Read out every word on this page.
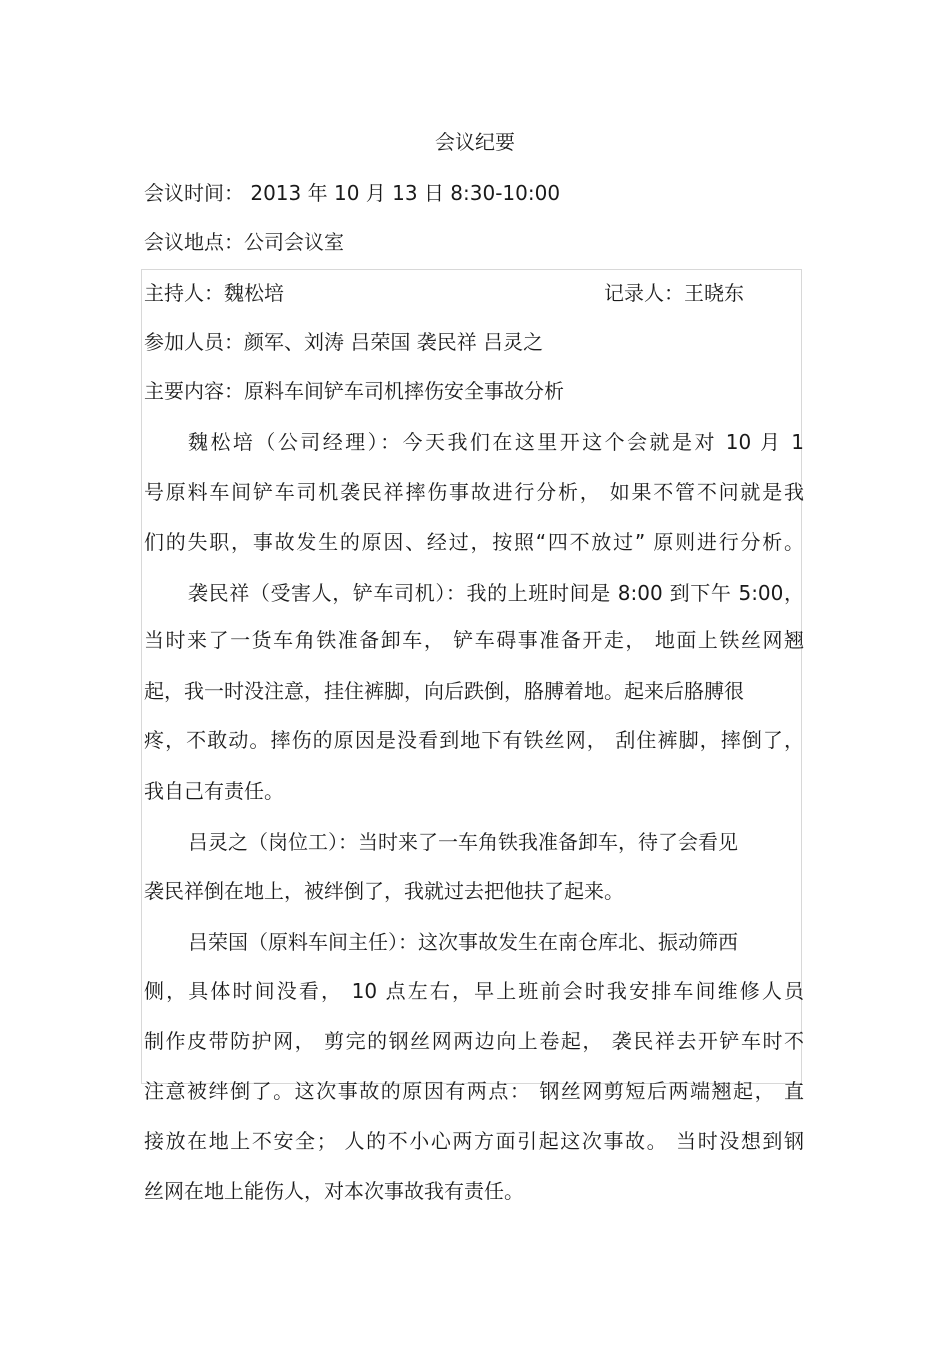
会议纪要
会议时间： 2013 年 10 月 13 日 8:30-10:00
会议地点：公司会议室
主持人：魏松培	记录人：王晓东
参加人员：颜军、刘涛 吕荣国 袭民祥 吕灵之
主要内容：原料车间铲车司机摔伤安全事故分析
魏松培（公司经理）：今天我们在这里开这个会就是对 10 月 1
号原料车间铲车司机袭民祥摔伤事故进行分析， 如果不管不问就是我
们的失职，事故发生的原因、经过，按照“四不放过” 原则进行分析。
袭民祥（受害人，铲车司机）：我的上班时间是 8:00 到下午 5:00，
当时来了一货车角铁准备卸车， 铲车碍事准备开走， 地面上铁丝网翘
起，我一时没注意，挂住裤脚，向后跌倒，胳膊着地。起来后胳膊很
疼，不敢动。摔伤的原因是没看到地下有铁丝网， 刮住裤脚，摔倒了，
我自己有责任。
吕灵之（岗位工）：当时来了一车角铁我准备卸车，待了会看见
袭民祥倒在地上，被绊倒了，我就过去把他扶了起来。
吕荣国（原料车间主任）：这次事故发生在南仓库北、振动筛西
侧，具体时间没看， 10 点左右，早上班前会时我安排车间维修人员
制作皮带防护网， 剪完的钢丝网两边向上卷起， 袭民祥去开铲车时不
注意被绊倒了。这次事故的原因有两点： 钢丝网剪短后两端翘起， 直
接放在地上不安全； 人的不小心两方面引起这次事故。 当时没想到钢
丝网在地上能伤人，对本次事故我有责任。
